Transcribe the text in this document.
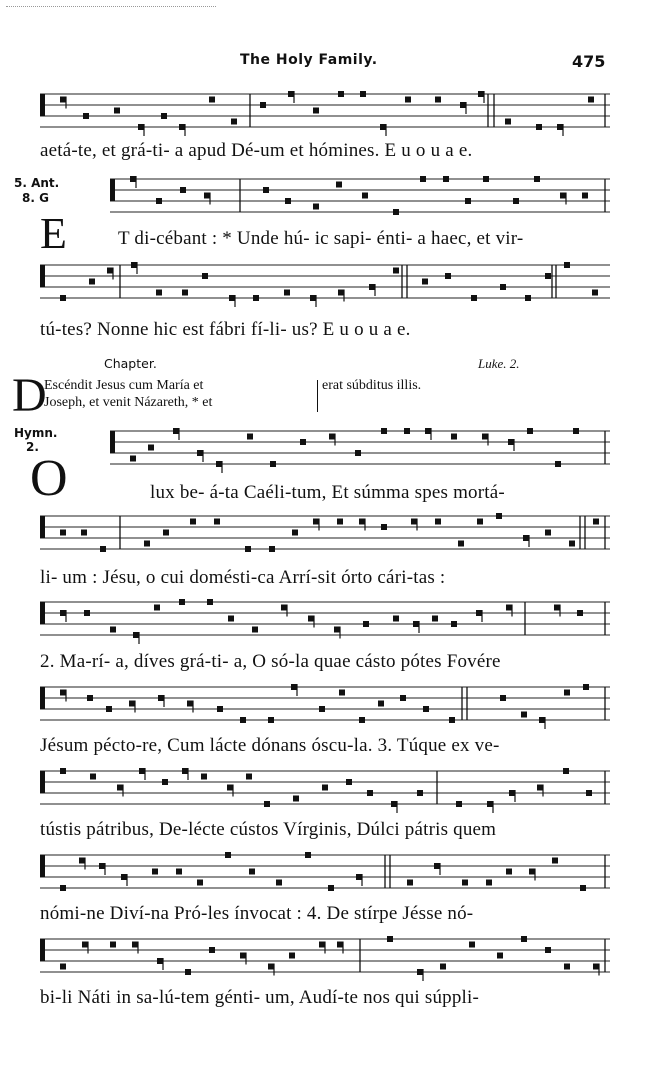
The Holy Family.	475
aetá-te, et grá-ti- a apud Dé-um et hómines. E u o u a e.
5. Ant.
8. G
E	T di-cébant : * Unde hú- ic sapi- énti- a haec, et vir-
tú-tes? Nonne hic est fábri fí-li- us? E u o u a e.
Chapter.	Luke. 2.
D
Escéndit Jesus cum María et	erat súbditus illis.
Joseph, et venit Názareth, * et
Hymn.
2.
O	lux be- á-ta Caéli-tum, Et súmma spes mortá-
li- um : Jésu, o cui domésti-ca Arrí-sit órto cári-tas :
2. Ma-rí- a, díves grá-ti- a, O só-la quae cásto pótes Fovére
Jésum pécto-re, Cum lácte dónans óscu-la. 3. Túque ex ve-
tústis pátribus, De-lécte cústos Vírginis, Dúlci pátris quem
nómi-ne Diví-na Pró-les ínvocat : 4. De stírpe Jésse nó-
bi-li Náti in sa-lú-tem génti- um, Audí-te nos qui súppli-
